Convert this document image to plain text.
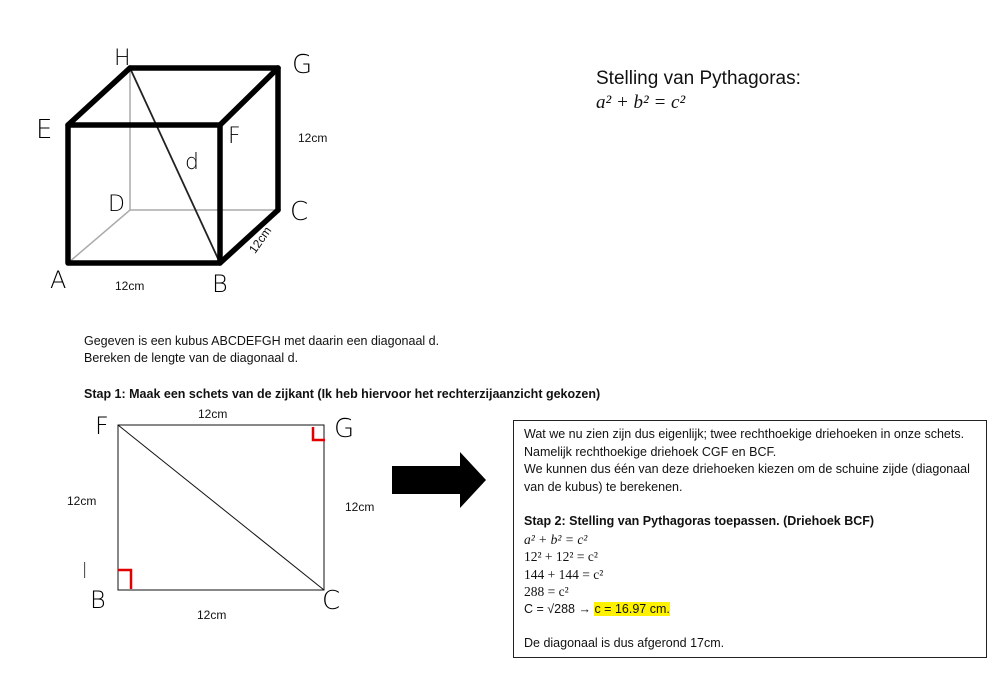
H	G
E	F
d
D	C
A	B
12cm
12cm
12cm
Stelling van Pythagoras:
a² + b² = c²
Gegeven is een kubus ABCDEFGH met daarin een diagonaal d.
Bereken de lengte van de diagonaal d.
Stap 1: Maak een schets van de zijkant (Ik heb hiervoor het rechterzijaanzicht gekozen)
F	G
B	C
|
12cm
12cm	12cm
12cm

Wat we nu zien zijn dus eigenlijk; twee rechthoekige driehoeken in onze schets. Namelijk rechthoekige driehoek CGF en BCF.

We kunnen dus één van deze driehoeken kiezen om de schuine zijde (diagonaal van de kubus) te berekenen.

Stap 2: Stelling van Pythagoras toepassen. (Driehoek BCF)

a² + b² = c²

12² + 12² = c²

144 + 144 = c²

288 = c²

C = √288 → c = 16.97 cm.

De diagonaal is dus afgerond 17cm.
